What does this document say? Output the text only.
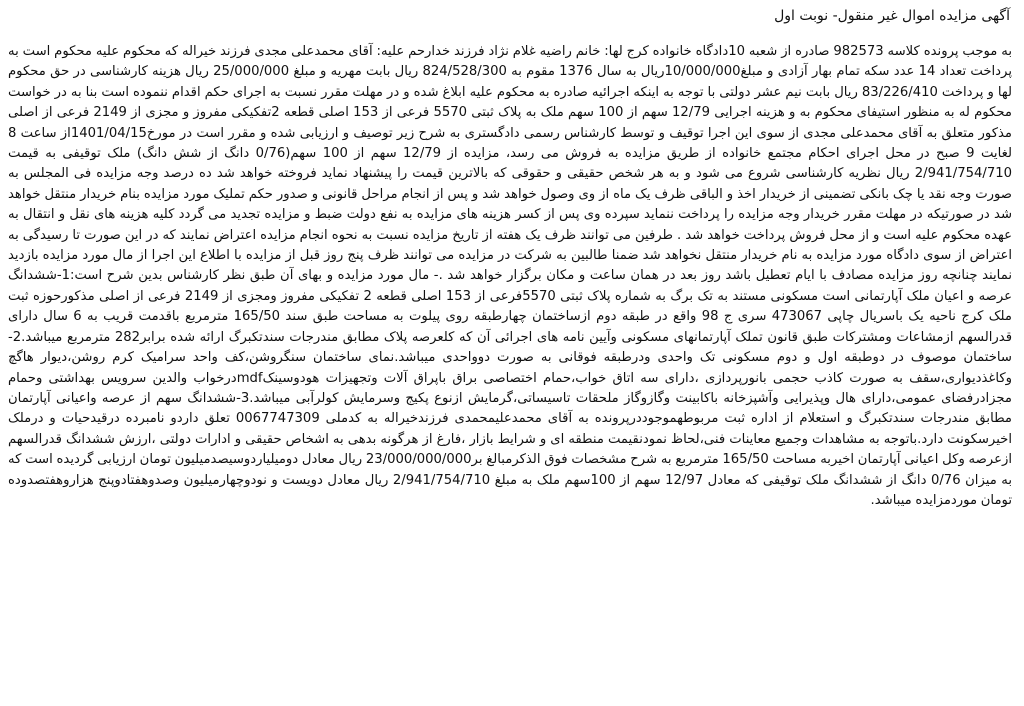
آگهی مزایده اموال غیر منقول- نوبت اول

به موجب پرونده کلاسه 982573 صادره از شعبه 10دادگاه خانواده کرج لها: خانم راضیه غلام نژاد فرزند خدارحم علیه: آقای محمدعلی مجدی فرزند خیراله که محکوم علیه محکوم است به پرداخت تعداد 14 عدد سکه تمام بهار آزادی و مبلغ10/000/000ریال به سال 1376 مقوم به 824/528/300 ریال بابت مهریه و مبلغ 25/000/000 ریال هزینه کارشناسی در حق محکوم لها و پرداخت 83/226/410 ریال بابت نیم عشر دولتی با توجه به اینکه اجرائیه صادره به محکوم علیه ابلاغ شده و در مهلت مقرر نسبت به اجرای حکم اقدام ننموده است بنا به در خواست محکوم له به منظور استیفای محکوم به و هزینه اجرایی 12/79 سهم از 100 سهم ملک به پلاک ثبتی 5570 فرعی از 153 اصلی قطعه 2تفکیکی مفروز و مجزی از 2149 فرعی از اصلی مذکور متعلق به آقای محمدعلی مجدی از سوی این اجرا توقیف و توسط کارشناس رسمی دادگستری به شرح زیر توصیف و ارزیابی شده و مقرر است در مورخ1401/04/15از ساعت 8 لغایت 9 صبح در محل اجرای احکام مجتمع خانواده از طریق مزایده به فروش می رسد، مزایده از 12/79 سهم از 100 سهم(0/76 دانگ از شش دانگ) ملک توقیفی به قیمت 2/941/754/710 ریال نظریه کارشناسی شروع می شود و به هر شخص حقیقی و حقوقی که بالاترین قیمت را پیشنهاد نماید فروخته خواهد شد ده درصد وجه مزایده فی المجلس به صورت وجه نقد یا چک بانکی تضمینی از خریدار اخذ و الباقی ظرف یک ماه از وی وصول خواهد شد و پس از انجام مراحل قانونی و صدور حکم تملیک مورد مزایده بنام خریدار منتقل خواهد شد در صورتیکه در مهلت مقرر خریدار وجه مزایده را پرداخت ننماید سپرده وی پس از کسر هزینه های مزایده به نفع دولت ضبط و مزایده تجدید می گردد کلیه هزینه های نقل و انتقال به عهده محکوم علیه است و از محل فروش پرداخت خواهد شد . طرفین می توانند ظرف یک هفته از تاریخ مزایده نسبت به نحوه انجام مزایده اعتراض نمایند که در این صورت تا رسیدگی به اعتراض از سوی دادگاه مورد مزایده به نام خریدار منتقل نخواهد شد ضمنا طالبین به شرکت در مزایده می توانند ظرف پنج روز قبل از مزایده با اطلاع این اجرا از مال مورد مزایده بازدید نمایند چنانچه روز مزایده مصادف با ایام تعطیل باشد روز بعد در همان ساعت و مکان برگزار خواهد شد .- مال مورد مزایده و بهای آن طبق نظر کارشناس بدین شرح است:1-ششدانگ عرصه و اعیان ملک آپارتمانی است مسکونی مستند به تک برگ به شماره پلاک ثبتی 5570فرعی از 153 اصلی قطعه 2 تفکیکی مفروز ومجزی از 2149 فرعی از اصلی مذکورحوزه ثبت ملک کرج ناحیه یک باسریال چاپی 473067 سری ج 98 واقع در طبقه دوم ازساختمان چهارطبقه روی پیلوت به مساحت طبق سند 165/50 مترمربع باقدمت قریب به 6 سال دارای قدرالسهم ازمشاعات ومشترکات طبق قانون تملک آپارتمانهای مسکونی وآیین نامه های اجرائی آن که کلعرصه پلاک مطابق مندرجات سندتکبرگ ارائه شده برابر282 مترمربع میباشد.2-ساختمان موصوف در دوطبقه اول و دوم مسکونی تک واحدی ودرطبقه فوقانی به صورت دوواحدی میباشد.نمای ساختمان سنگروشن،کف واحد سرامیک کرم روشن،دیوار هاگچ وکاغذدیواری،سقف به صورت کاذب حجمی بانورپردازی ،دارای سه اتاق خواب،حمام اختصاصی براق باپراق آلات وتجهیزات هودوسینکmdfدرخواب والدین سرویس بهداشتی وحمام مجزادرفضای عمومی،دارای هال وپذیرایی وآشپزخانه باکابینت وگازوگاز ملحقات تاسیساتی،گرمایش ازنوع پکیج وسرمایش کولرآبی میباشد.3-ششدانگ سهم از عرصه واعیانی آپارتمان مطابق مندرجات سندتکبرگ و استعلام از اداره ثبت مربوطهموجوددرپرونده به آقای محمدعلیمحمدی فرزندخیراله به کدملی 0067747309 تعلق داردو نامبرده درقیدحیات و درملک اخیرسکونت دارد.باتوجه به مشاهدات وجمیع معاینات فنی،لحاظ نمودنقیمت منطقه ای و شرایط بازار ،فارغ از هرگونه بدهی به اشخاص حقیقی و ادارات دولتی ،ارزش ششدانگ قدرالسهم ازعرصه وکل اعیانی آپارتمان اخیربه مساحت 165/50 مترمربع به شرح مشخصات فوق الذکرمبالغ بر23/000/000/000 ریال معادل دومیلیاردوسیصدمیلیون تومان ارزیابی گردیده است که به میزان 0/76 دانگ از ششدانگ ملک توقیفی که معادل 12/97 سهم از 100سهم ملک به مبلغ 2/941/754/710 ریال معادل دویست و نودوچهارمیلیون وصدوهفتادوپنج هزاروهفتصدوده تومان موردمزایده میباشد.
